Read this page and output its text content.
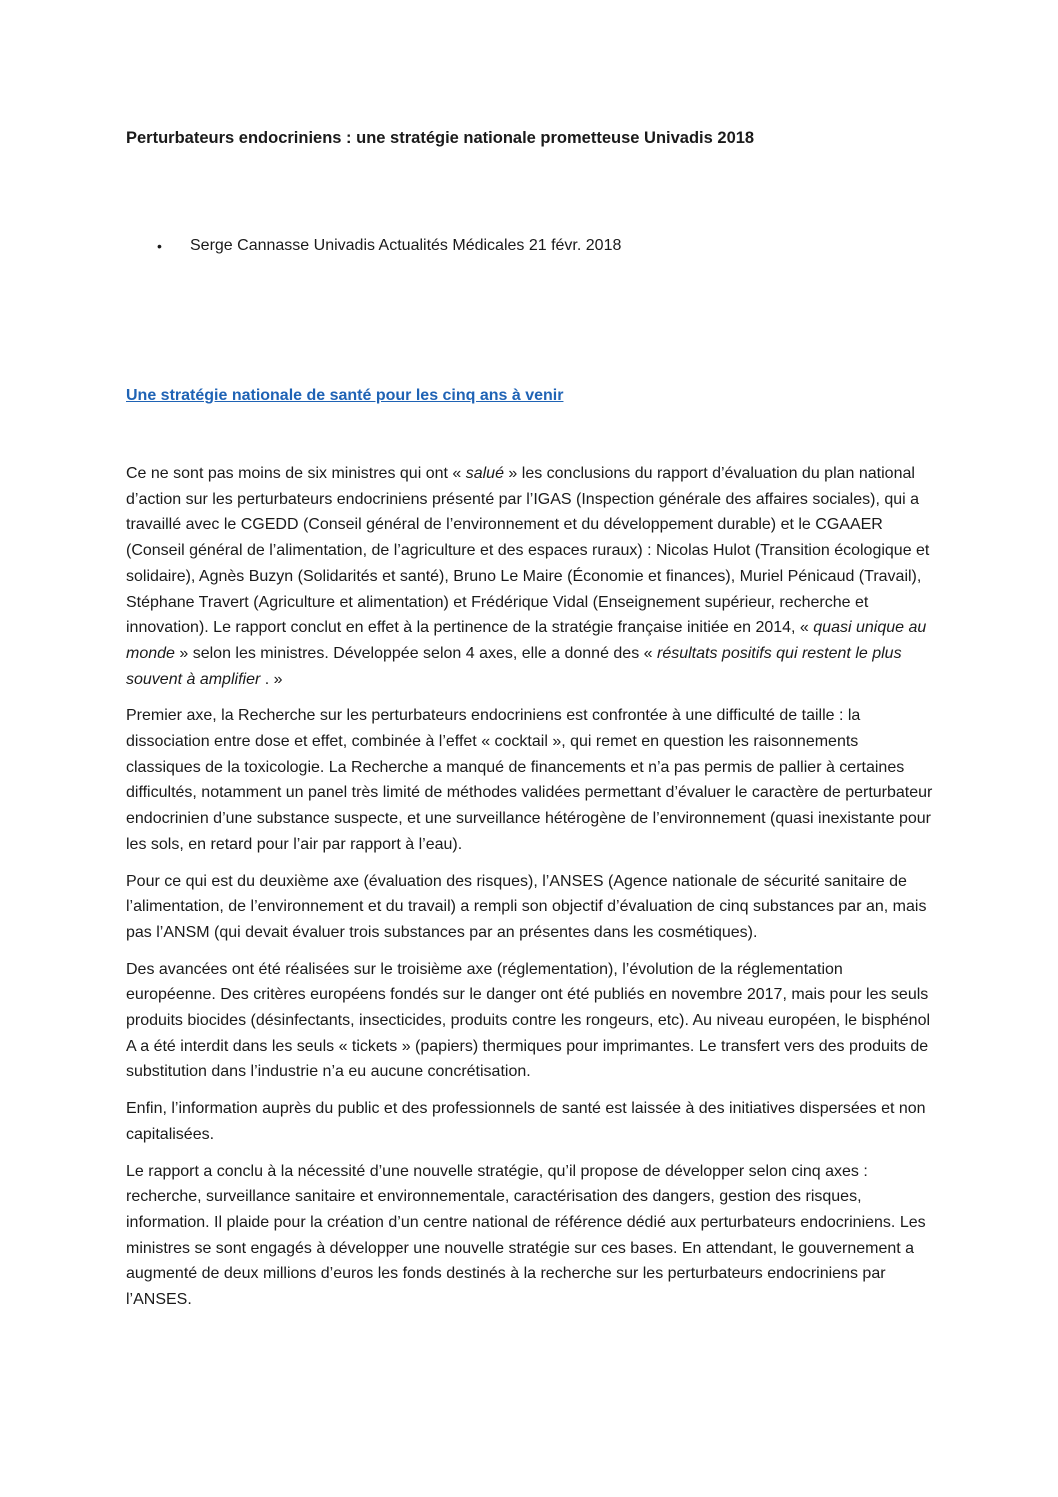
Perturbateurs endocriniens : une stratégie nationale prometteuse Univadis 2018
• Serge Cannasse Univadis Actualités Médicales 21 févr. 2018
Une stratégie nationale de santé pour les cinq ans à venir

Ce ne sont pas moins de six ministres qui ont « salué » les conclusions du rapport d’évaluation du plan national d’action sur les perturbateurs endocriniens présenté par l’IGAS (Inspection générale des affaires sociales), qui a travaillé avec le CGEDD (Conseil général de l’environnement et du développement durable) et le CGAAER (Conseil général de l’alimentation, de l’agriculture et des espaces ruraux) : Nicolas Hulot (Transition écologique et solidaire), Agnès Buzyn (Solidarités et santé), Bruno Le Maire (Économie et finances), Muriel Pénicaud (Travail), Stéphane Travert (Agriculture et alimentation) et Frédérique Vidal (Enseignement supérieur, recherche et innovation). Le rapport conclut en effet à la pertinence de la stratégie française initiée en 2014, « quasi unique au monde » selon les ministres. Développée selon 4 axes, elle a donné des « résultats positifs qui restent le plus souvent à amplifier . »

Premier axe, la Recherche sur les perturbateurs endocriniens est confrontée à une difficulté de taille : la dissociation entre dose et effet, combinée à l’effet « cocktail », qui remet en question les raisonnements classiques de la toxicologie. La Recherche a manqué de financements et n’a pas permis de pallier à certaines difficultés, notamment un panel très limité de méthodes validées permettant d’évaluer le caractère de perturbateur endocrinien d’une substance suspecte, et une surveillance hétérogène de l’environnement (quasi inexistante pour les sols, en retard pour l’air par rapport à l’eau).

Pour ce qui est du deuxième axe (évaluation des risques), l’ANSES (Agence nationale de sécurité sanitaire de l’alimentation, de l’environnement et du travail) a rempli son objectif d’évaluation de cinq substances par an, mais pas l’ANSM (qui devait évaluer trois substances par an présentes dans les cosmétiques).

Des avancées ont été réalisées sur le troisième axe (réglementation), l’évolution de la réglementation européenne. Des critères européens fondés sur le danger ont été publiés en novembre 2017, mais pour les seuls produits biocides (désinfectants, insecticides, produits contre les rongeurs, etc). Au niveau européen, le bisphénol A a été interdit dans les seuls « tickets » (papiers) thermiques pour imprimantes. Le transfert vers des produits de substitution dans l’industrie n’a eu aucune concrétisation.

Enfin, l’information auprès du public et des professionnels de santé est laissée à des initiatives dispersées et non capitalisées.

Le rapport a conclu à la nécessité d’une nouvelle stratégie, qu’il propose de développer selon cinq axes : recherche, surveillance sanitaire et environnementale, caractérisation des dangers, gestion des risques, information. Il plaide pour la création d’un centre national de référence dédié aux perturbateurs endocriniens. Les ministres se sont engagés à développer une nouvelle stratégie sur ces bases. En attendant, le gouvernement a augmenté de deux millions d’euros les fonds destinés à la recherche sur les perturbateurs endocriniens par l’ANSES.
